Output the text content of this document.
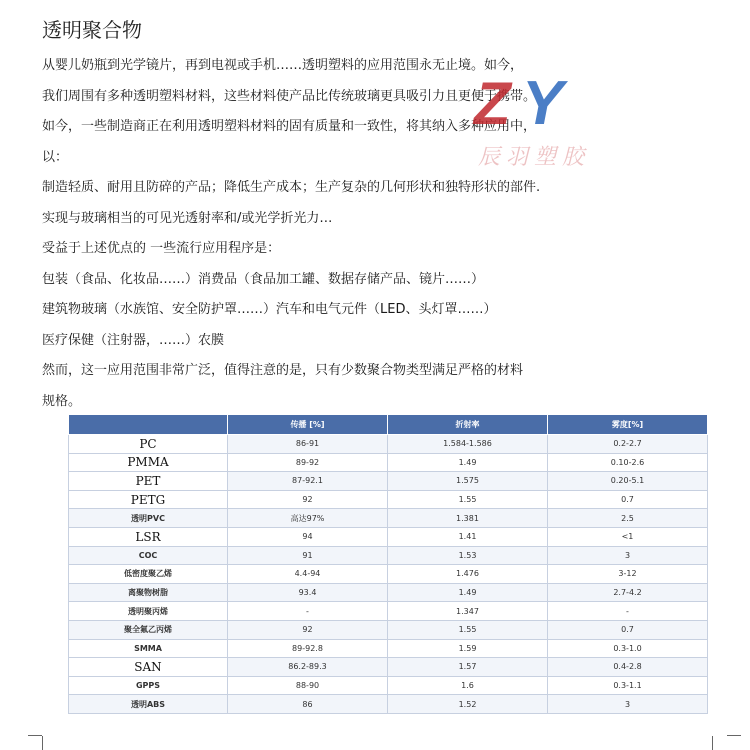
透明聚合物

从婴儿奶瓶到光学镜片，再到电视或手机……透明塑料的应用范围永无止境。如今，

我们周围有多种透明塑料材料，这些材料使产品比传统玻璃更具吸引力且更便于携带。

如今，一些制造商正在利用透明塑料材料的固有质量和一致性，将其纳入多种应用中，

以：

制造轻质、耐用且防碎的产品；降低生产成本；生产复杂的几何形状和独特形状的部件.

实现与玻璃相当的可见光透射率和/或光学折光力…

受益于上述优点的 一些流行应用程序是：

包装（食品、化妆品……）消费品（食品加工罐、数据存储产品、镜片……）

建筑物玻璃（水族馆、安全防护罩……）汽车和电气元件（LED、头灯罩……）

医疗保健（注射器，……）农膜

然而，这一应用范围非常广泛，值得注意的是，只有少数聚合物类型满足严格的材料

规格。

Z Y
辰羽塑胶
	传播 [%]	折射率	雾度[%]
PC	86-91	1.584-1.586	0.2-2.7
PMMA	89-92	1.49	0.10-2.6
PET	87-92.1	1.575	0.20-5.1
PETG	92	1.55	0.7
透明PVC	高达97%	1.381	2.5
LSR	94	1.41	<1
COC	91	1.53	3
低密度聚乙烯	4.4-94	1.476	3-12
离聚物树脂	93.4	1.49	2.7-4.2
透明聚丙烯	-	1.347	-
聚全氟乙丙烯	92	1.55	0.7
SMMA	89-92.8	1.59	0.3-1.0
SAN	86.2-89.3	1.57	0.4-2.8
GPPS	88-90	1.6	0.3-1.1
透明ABS	86	1.52	3
